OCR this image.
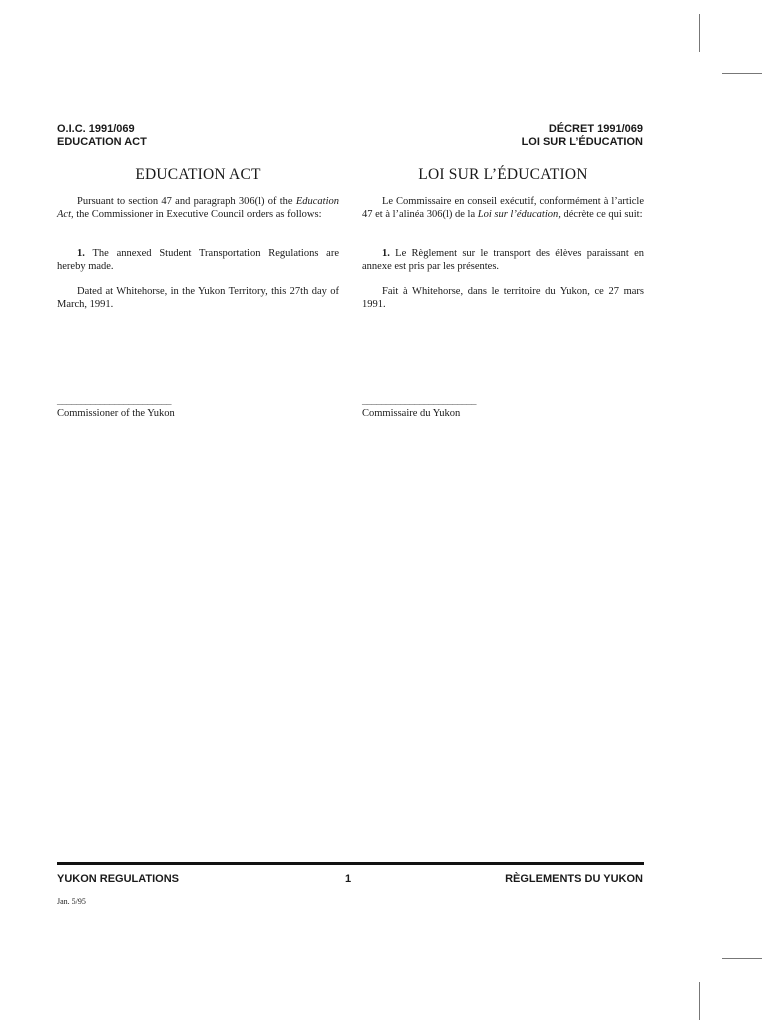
O.I.C. 1991/069
EDUCATION ACT
DÉCRET 1991/069
LOI SUR L’ÉDUCATION
EDUCATION ACT	LOI SUR L’ÉDUCATION

Pursuant to section 47 and paragraph 306(l) of the Education Act, the Commissioner in Executive Council orders as follows:

1. The annexed Student Transportation Regulations are hereby made.

Dated at Whitehorse, in the Yukon Territory, this 27th day of March, 1991.

Le Commissaire en conseil exécutif, conformément à l’article 47 et à l’alinéa 306(l) de la Loi sur l’éducation, décrète ce qui suit:

1. Le Règlement sur le transport des élèves paraissant en annexe est pris par les présentes.

Fait à Whitehorse, dans le territoire du Yukon, ce 27 mars 1991.

________________________
Commissioner of the Yukon
________________________
Commissaire du Yukon
YUKON REGULATIONS	1	RÈGLEMENTS DU YUKON
Jan. 5/95
